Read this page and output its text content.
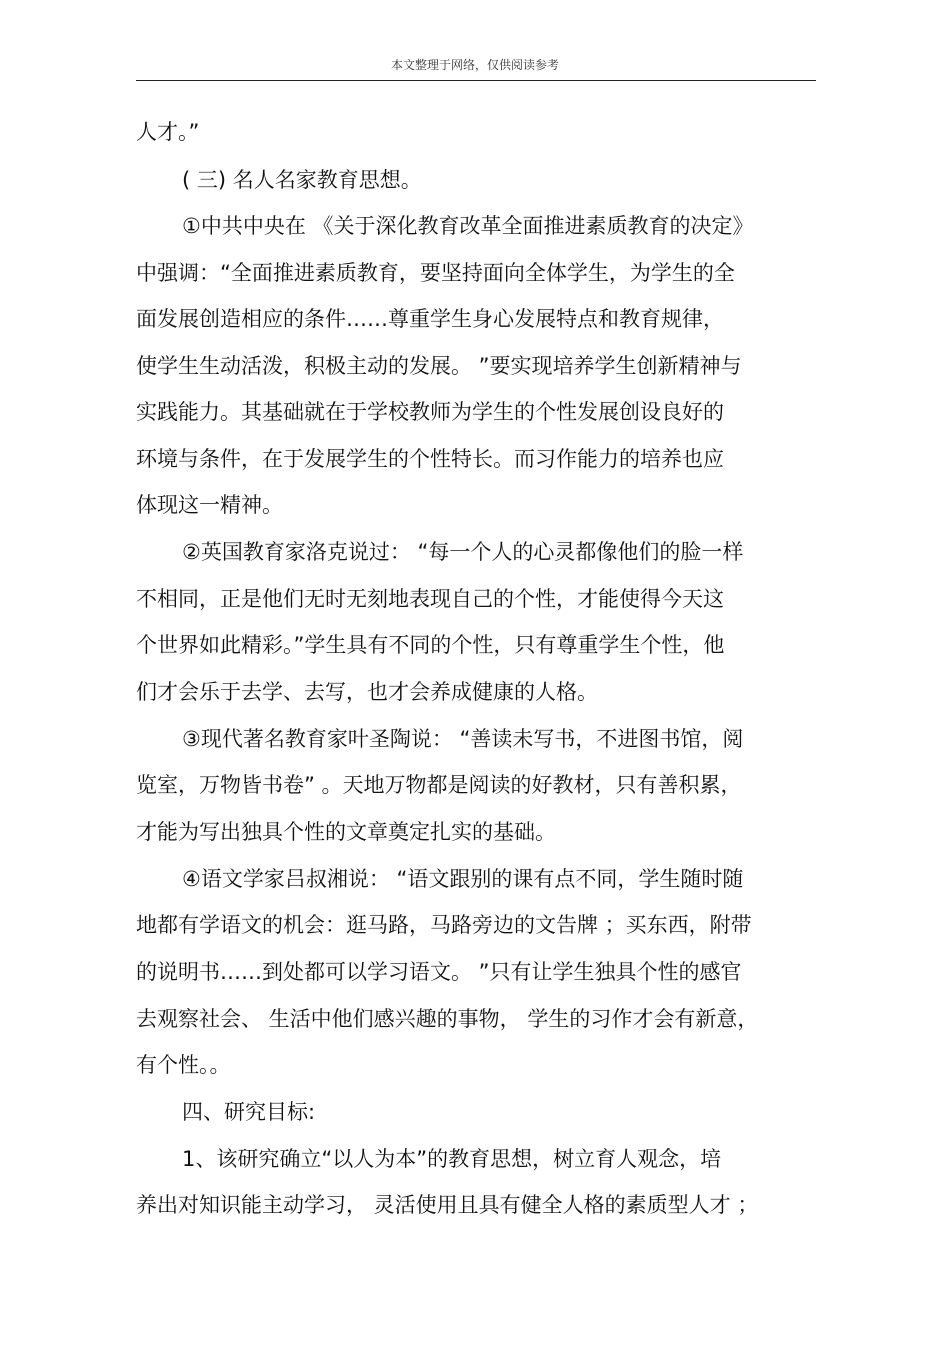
本文整理于网络，仅供阅读参考
人才。”
( 三) 名人名家教育思想。
①中共中央在 《关于深化教育改革全面推进素质教育的决定》
中强调：“全面推进素质教育，要坚持面向全体学生，为学生的全
面发展创造相应的条件……尊重学生身心发展特点和教育规律，
使学生生动活泼，积极主动的发展。 ”要实现培养学生创新精神与
实践能力。其基础就在于学校教师为学生的个性发展创设良好的
环境与条件，在于发展学生的个性特长。而习作能力的培养也应
体现这一精神。
②英国教育家洛克说过： “每一个人的心灵都像他们的脸一样
不相同，正是他们无时无刻地表现自己的个性，才能使得今天这
个世界如此精彩。”学生具有不同的个性，只有尊重学生个性，他
们才会乐于去学、去写，也才会养成健康的人格。
③现代著名教育家叶圣陶说： “善读未写书，不进图书馆，阅
览室，万物皆书卷” 。天地万物都是阅读的好教材，只有善积累，
才能为写出独具个性的文章奠定扎实的基础。
④语文学家吕叔湘说： “语文跟别的课有点不同，学生随时随
地都有学语文的机会：逛马路，马路旁边的文告牌 ；买东西，附带
的说明书……到处都可以学习语文。 ”只有让学生独具个性的感官
去观察社会、 生活中他们感兴趣的事物， 学生的习作才会有新意，
有个性。。
四、研究目标:
1、该研究确立“以人为本”的教育思想，树立育人观念，培
养出对知识能主动学习， 灵活使用且具有健全人格的素质型人才 ；
